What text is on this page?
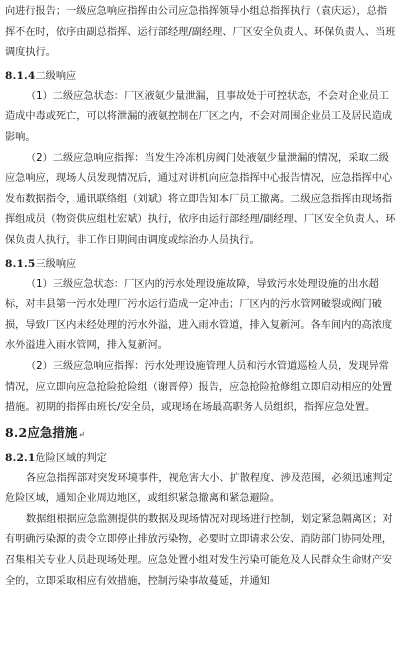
向进行报告；一级应急响应指挥由公司应急指挥领导小组总指挥执行（袁庆运），总指挥不在时，依序由副总指挥、运行部经理/副经理、厂区安全负责人、环保负责人、当班调度执行。

8.1.4二级响应

（1）二级应急状态：厂区液氨少量泄漏，且事故处于可控状态，不会对企业员工造成中毒或死亡，可以将泄漏的液氨控制在厂区之内，不会对周围企业员工及居民造成影响。

（2）二级应急响应指挥：当发生冷冻机房阀门处液氨少量泄漏的情况，采取二级应急响应，现场人员发现情况后，通过对讲机向应急指挥中心报告情况，应急指挥中心发布数据指令，通讯联络组（刘斌）将立即告知本厂员工撤离。二级应急指挥由现场指挥组成员（物资供应组杜宏斌）执行，依序由运行部经理/副经理、厂区安全负责人、环保负责人执行，非工作日期间由调度或综治办人员执行。

8.1.5三级响应

（1）三级应急状态：厂区内的污水处理设施故障，导致污水处理设施的出水超标，对丰县第一污水处理厂污水运行造成一定冲击；厂区内的污水管网破裂或阀门破损，导致厂区内未经处理的污水外溢，进入雨水管道，排入复新河。各车间内的高浓度水外溢进入雨水管网，排入复新河。

（2）三级应急响应指挥：污水处理设施管理人员和污水管道巡检人员，发现异常情况，应立即向应急抢险抢险组（谢晋停）报告，应急抢险抢修组立即启动相应的处置措施。初期的指挥由班长/安全员，或现场在场最高职务人员组织，指挥应急处置。

8.2应急措施↵

8.2.1危险区域的判定

各应急指挥部对突发环境事件，视危害大小、扩散程度、涉及范围，必须迅速判定危险区域，通知企业周边地区，或组织紧急撤离和紧急避险。

数据组根据应急监测提供的数据及现场情况对现场进行控制，划定紧急隔离区；对有明确污染源的责令立即停止排放污染物，必要时立即请求公安、消防部门协同处理，召集相关专业人员赴现场处理。应急处置小组对发生污染可能危及人民群众生命财产安全的，立即采取相应有效措施，控制污染事故蔓延，并通知
